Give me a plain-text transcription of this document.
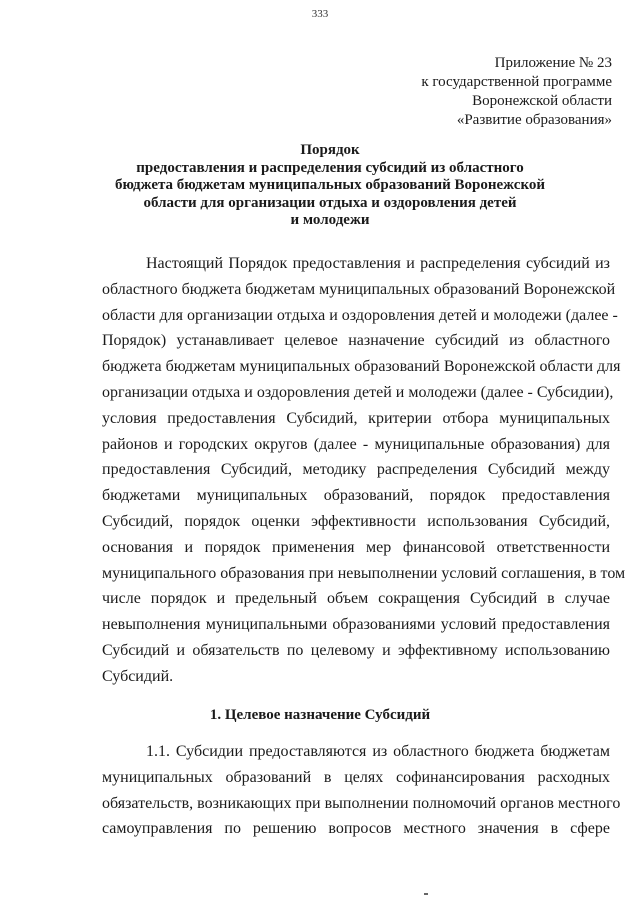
333
Приложение № 23
к государственной программе
Воронежской области
«Развитие образования»
Порядок
предоставления и распределения субсидий из областного
бюджета бюджетам муниципальных образований Воронежской
области для организации отдыха и оздоровления детей
и молодежи
Настоящий Порядок предоставления и распределения субсидий из
областного бюджета бюджетам муниципальных образований Воронежской
области для организации отдыха и оздоровления детей и молодежи (далее -
Порядок) устанавливает целевое назначение субсидий из областного
бюджета бюджетам муниципальных образований Воронежской области для
организации отдыха и оздоровления детей и молодежи (далее - Субсидии),
условия предоставления Субсидий, критерии отбора муниципальных
районов и городских округов (далее - муниципальные образования) для
предоставления Субсидий, методику распределения Субсидий между
бюджетами муниципальных образований, порядок предоставления
Субсидий, порядок оценки эффективности использования Субсидий,
основания и порядок применения мер финансовой ответственности
муниципального образования при невыполнении условий соглашения, в том
числе порядок и предельный объем сокращения Субсидий в случае
невыполнения муниципальными образованиями условий предоставления
Субсидий и обязательств по целевому и эффективному использованию
Субсидий.
1. Целевое назначение Субсидий
1.1. Субсидии предоставляются из областного бюджета бюджетам
муниципальных образований в целях софинансирования расходных
обязательств, возникающих при выполнении полномочий органов местного
самоуправления по решению вопросов местного значения в сфере
